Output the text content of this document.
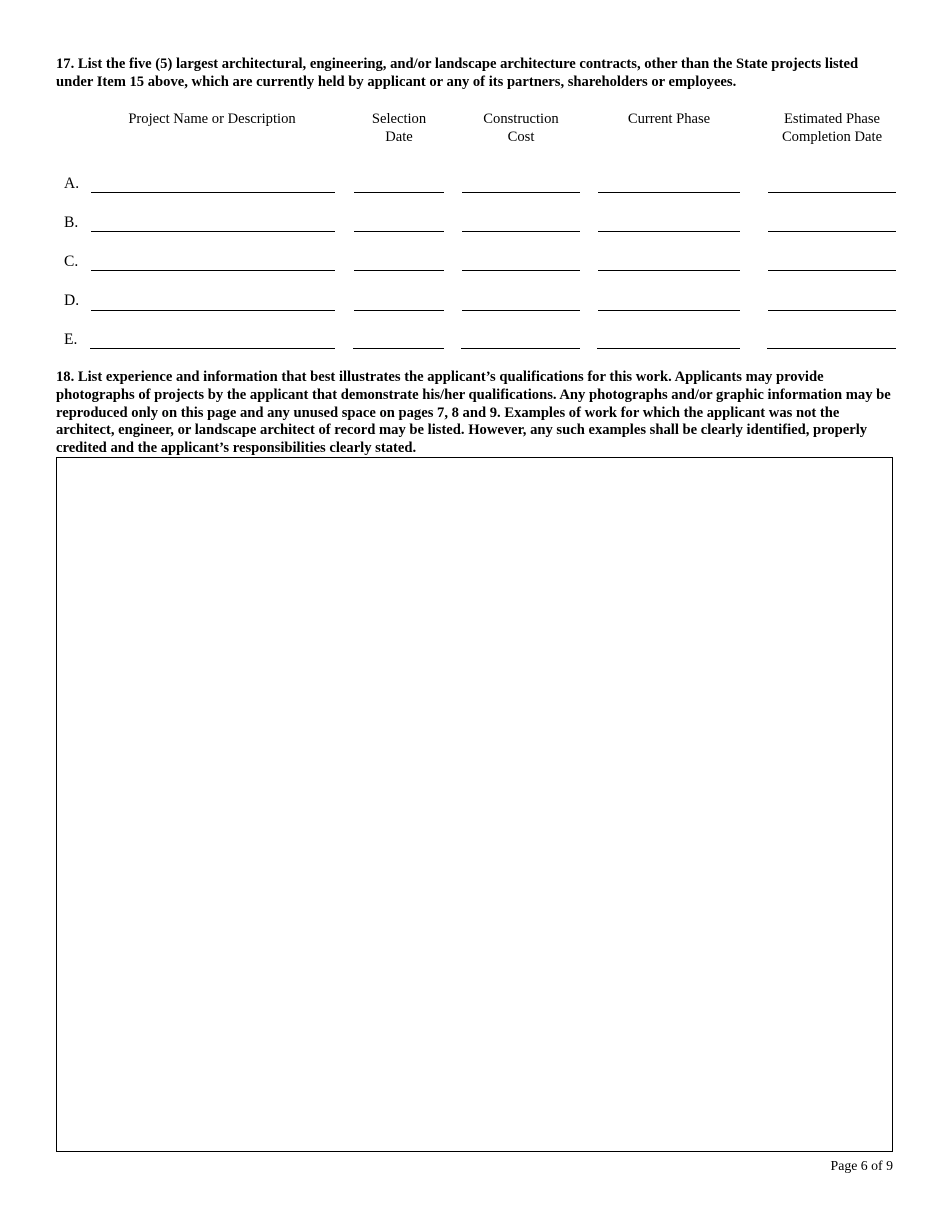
17. List the five (5) largest architectural, engineering, and/or landscape architecture contracts, other than the State projects listed under Item 15 above, which are currently held by applicant or any of its partners, shareholders or employees.

Project Name or Description	Selection
Date
Construction
Cost
Current Phase	Estimated Phase
Completion Date
A.
B.
C.
D.
E.

18. List experience and information that best illustrates the applicant’s qualifications for this work. Applicants may provide photographs of projects by the applicant that demonstrate his/her qualifications. Any photographs and/or graphic information may be reproduced only on this page and any unused space on pages 7, 8 and 9. Examples of work for which the applicant was not the architect, engineer, or landscape architect of record may be listed. However, any such examples shall be clearly identified, properly credited and the applicant’s responsibilities clearly stated.

Page 6 of 9
